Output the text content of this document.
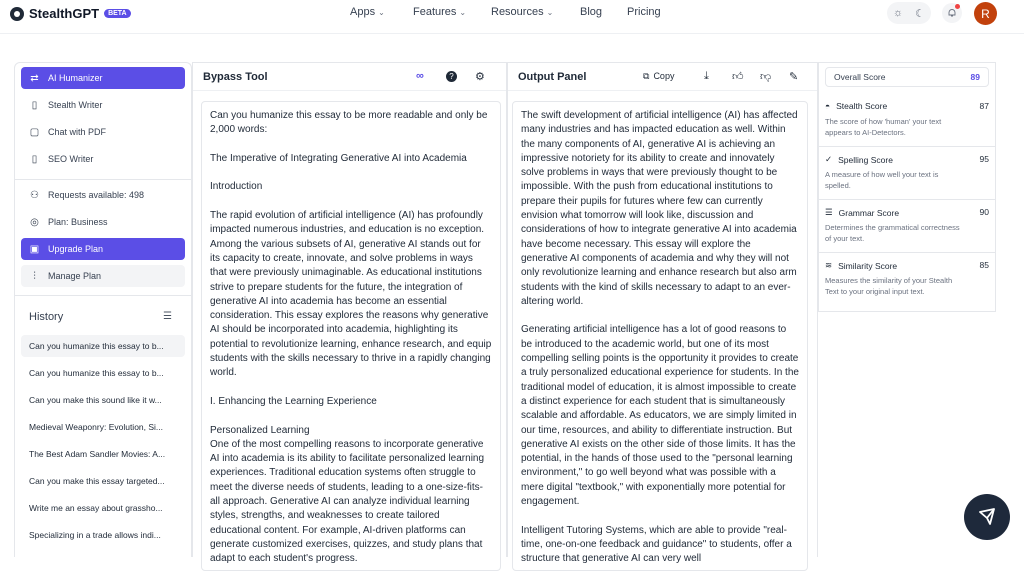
StealthGPT	BETA	Apps ⌄	Features ⌄ Resources ⌄ Blog Pricing	☼ ☾	R
⇄ AI Humanizer
▯	Stealth Writer
▢ Chat with PDF
▯	SEO Writer
⚇ Requests available: 498
◎ Plan: Business
▣ Upgrade Plan
⫶	Manage Plan
History	☰
Can you humanize this essay to b...
Can you humanize this essay to b...
Can you make this sound like it w...
Medieval Weaponry: Evolution, Si...
The Best Adam Sandler Movies: A...
Can you make this essay targeted...
Write me an essay about grassho...
Specializing in a trade allows indi...
Bypass Tool	∞	? ⚙

Can you humanize this essay to be more readable and only be 2,000 words:

The Imperative of Integrating Generative AI into Academia

Introduction

The rapid evolution of artificial intelligence (AI) has profoundly impacted numerous industries, and education is no exception. Among the various subsets of AI, generative AI stands out for its capacity to create, innovate, and solve problems in ways that were previously unimaginable. As educational institutions strive to prepare students for the future, the integration of generative AI into academia has become an essential consideration. This essay explores the reasons why generative AI should be incorporated into academia, highlighting its potential to revolutionize learning, enhance research, and equip students with the skills necessary to thrive in a rapidly changing world.

I. Enhancing the Learning Experience

Personalized Learning

One of the most compelling reasons to incorporate generative AI into academia is its ability to facilitate personalized learning experiences. Traditional education systems often struggle to meet the diverse needs of students, leading to a one-size-fits-all approach. Generative AI can analyze individual learning styles, strengths, and weaknesses to create tailored educational content. For example, AI-driven platforms can generate customized exercises, quizzes, and study plans that adapt to each student's progress.

Output Panel	⧉ Copy	⤓ 👍︎ 👎︎ ✎

The swift development of artificial intelligence (AI) has affected many industries and has impacted education as well. Within the many components of AI, generative AI is achieving an impressive notoriety for its ability to create and innovately solve problems in ways that were previously thought to be impossible. With the push from educational institutions to prepare their pupils for futures where few can currently envision what tomorrow will look like, discussion and considerations of how to integrate generative AI into academia have become necessary. This essay will explore the generative AI components of academia and why they will not only revolutionize learning and enhance research but also arm students with the kind of skills necessary to adapt to an ever-altering world.

Generating artificial intelligence has a lot of good reasons to be introduced to the academic world, but one of its most compelling selling points is the opportunity it provides to create a truly personalized educational experience for students. In the traditional model of education, it is almost impossible to create a distinct experience for each student that is simultaneously scalable and affordable. As educators, we are simply limited in our time, resources, and ability to differentiate instruction. But generative AI exists on the other side of those limits. It has the potential, in the hands of those used to the "personal learning environment," to go well beyond what was possible with a mere digital "textbook," with exponentially more potential for engagement.

Intelligent Tutoring Systems, which are able to provide "real-time, one-on-one feedback and guidance" to students, offer a structure that generative AI can very well

Overall Score	89
◓ Stealth Score	87
The score of how 'human' your text appears to AI-Detectors.
✓ Spelling Score	95
A measure of how well your text is spelled.
☰ Grammar Score	90
Determines the grammatical correctness of your text.
≋ Similarity Score	85
Measures the similarity of your Stealth Text to your original input text.
